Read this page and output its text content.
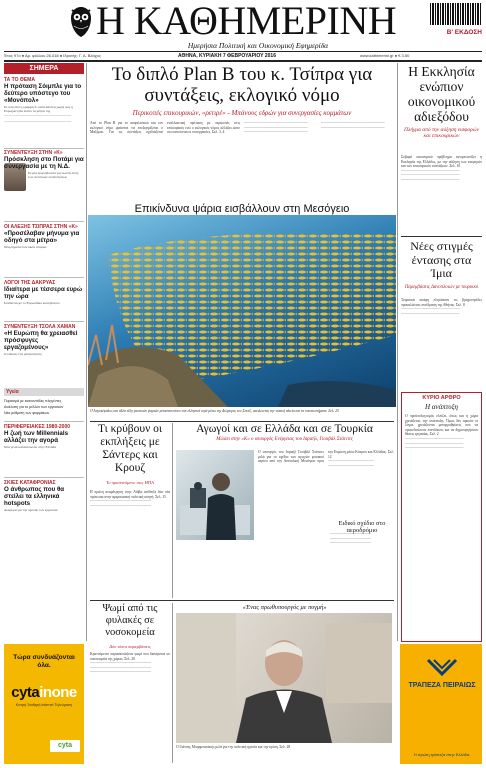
Η ΚΑΘΗΜΕΡΙΝΗ
Ημερήσια Πολιτική και Οικονομική Εφημερίδα
Β' ΕΚΔΟΣΗ
Έτος 97ο ● Αρ. φύλλου 26.018 ● Ιδρυτής: Γ. Α. Βλάχος	ΑΘΗΝΑ, ΚΥΡΙΑΚΗ 7 ΦΕΒΡΟΥΑΡΙΟΥ 2016	www.kathimerini.gr ● € 3,50
ΣΗΜΕΡΑ
ΤΑ ΤΟ ΘΕΜΑ
Η πρόταση Σόιμπλε για το δεύτερο υπόστεγο του «Μονόπολ»

Σε όσα λέει η γραμμή Σ. κατά κανόνα χωρίς πως η Ευρωζώνη θα πιέσει τα μέτρα της

────────────────────────────

────────────────────────────

ΣΥΝΕΝΤΕΥΞΗ ΣΤΗΝ «Κ»
Πρόσκληση στο Ποτάμι για συνεργασία με τη Ν.Δ.

Σε μία πρωτοβουλία για σωστή λύση των πολιτικών συναντήσεων

ΟΙ ΑΛΕΞΗΣ ΤΣΙΠΡΑΣ ΣΤΗΝ «Κ»
«Προσέλαβαν μήνυμα για οδηγό στα μέτρα»

Νέα ρήματα πολιτικών επαφών

ΛΟΓΟΙ ΤΗΣ ΔΑΚΡΥΑΣ
Ιδιαίτερα με τέσσερα ευρώ την ώρα

Συνδέεται με το Ευρωπαϊκό κοινοβούλιο

ΣΥΝΕΝΤΕΥΞΗ ΤΣΟΛΑ ΧΑΜΑΝ
«Η Ευρώπη θα χρειασθεί πρόσφυγες εργαζομένους»

Ο ειδικός στις μετακινήσεις

Υγεία
Πυρκαγιά με εκατοντάδες πληγέντες
Ανάλυση για το μέλλον των εργασιών
Νέα ρύθμιση των φαρμάκων
ΠΕΡΙΦΕΡΕΙΑΚΕΣ 1980-2000
Η ζωή των Millennials αλλάζει την αγορά

Νέα γενιά καταναλωτών στην Ελλάδα

ΣΚΙΕΣ ΚΑΤΑΦΡΟΝΙΑΣ
Ο άνθρωπος που θα στείλει τα ελληνικά hotspots

Αναφορά για την πρόοδο των εργασιών

Το διπλό Plan B του κ. Τσίπρα για συντάξεις, εκλογικό νόμο
Περικοπές επικουρικών, «ρετιρέ» - Μπάνους εδρών για συνεργασίες κομμάτων
Από το Plan B για το ασφαλιστικό και τον εκλογικό νόμο φαίνεται να επεξεργάζεται ο Μαξίμου. Για τις συντάξεις σχεδιάζεται εναλλακτική πρόταση με περικοπές στις επικουρικές ενώ ο εκλογικός νόμος αλλάζει ώστε να ευνοούνται οι συνεργασίες. Σελ. 3, 4
─────────────────────────
─────────────────────────
─────────────────────────
─────────────────────────
─────────────────────────
Επικίνδυνα ψάρια εισβάλλουν στη Μεσόγειο
Ο Λαγοκέφαλος και άλλα είδη τροπικών ψαριών μεταναστεύουν στα ελληνικά νερά μέσω της Διώρυγας του Σουέζ, απειλώντας την τοπική αλιεία και τα οικοσυστήματα. Σελ. 25
Η Εκκλησία ενώπιον οικονομικού αδιεξόδου
Πλήγμα από την αύξηση εισφορών και επικουρικών
Σοβαρό οικονομικό πρόβλημα αντιμετωπίζει η Εκκλησία της Ελλάδος, με την αύξηση των εισφορών και των επικουρικών συντάξεων. Σελ. 10
───────────────────────
───────────────────────
───────────────────────
Νέες στιγμές έντασης στα Ίμια
Παρεμβάσεις Δανοπλοιών με τουρκικό
Τουρκικά σκάφη πλησίασαν τις βραχονησίδες προκαλώντας αντίδραση της Αθήνας. Σελ. 8
───────────────────────
───────────────────────
ΚΥΡΙΟ ΑΡΘΡΟ
Η ανάπτυξη
Ο προϋπολογισμός ελπίζει, όπως και η χώρα χρειάζεται, την ανάπτυξη. Όμως δεν αρκούν οι λόγια, χρειάζονται μεταρρυθμίσεις που να προσελκύσουν επενδύσεις και να δημιουργήσουν θέσεις εργασίας. Σελ. 2
───────────────────────
───────────────────────
───────────────────────
Τι κρύβουν οι εκπλήξεις με Σάντερς και Κρουζ
Το προτεινόμενο στις ΗΠΑ
Η πρώτη αναμέτρηση στην Αϊόβα ανέδειξε δύο νέα πρόσωπα στην αμερικανική πολιτική σκηνή. Σελ. 15
────────────────────────
────────────────────────
Αγωγοί και σε Ελλάδα και σε Τουρκία
Μιλάει στην «Κ» ο υπουργός Ενέργειας του Ισραήλ, Γιουβάλ Στάινιτς
Ο υπουργός του Ισραήλ Γιουβάλ Στάινιτς μιλά για το σχέδιο των αγωγών φυσικού αερίου από την Ανατολική Μεσόγειο προς την Ευρώπη μέσω Κύπρου και Ελλάδας. Σελ. 12
──────────────────
──────────────────
Ειδικό σχέδιο στο αεροδρόμιο
────────────────
────────────────
────────────────
Ψωμί από τις φυλακές σε νοσοκομεία
Δύο τόποι παρεμβάσεις
Κρατούμενοι παρασκευάζουν ψωμί που διανέμεται σε νοσοκομεία της χώρας. Σελ. 20
────────────────────────
────────────────────────
────────────────────────
«Ένας πρωθυπουργός με πυγμή»
Ο Γιάννης Μπαρμπατάκης μιλά για την πολιτική ηγεσία και την κρίση. Σελ. 28
Τώρα συνδυάζονται όλα.
cytainone
Κινητή Σταθερή Internet Τηλεόραση
cyta
ΤΡΑΠΕΖΑ ΠΕΙΡΑΙΩΣ
Η πρώτη τράπεζα στην Ελλάδα.
